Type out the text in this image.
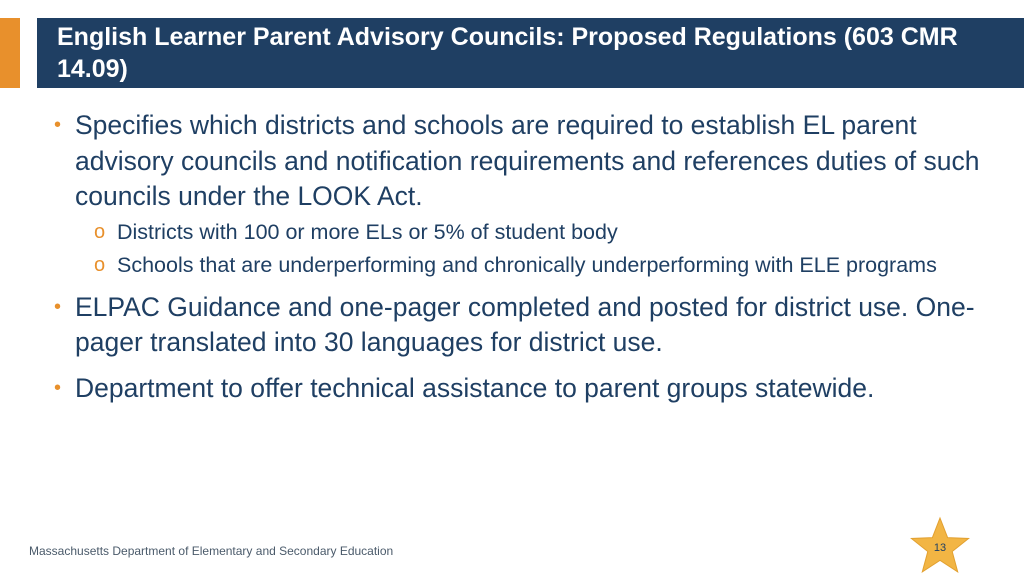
English Learner Parent Advisory Councils: Proposed Regulations (603 CMR 14.09)
• Specifies which districts and schools are required to establish EL parent advisory councils and notification requirements and references duties of such councils under the LOOK Act.
o Districts with 100 or more ELs or 5% of student body
o Schools that are underperforming and chronically underperforming with ELE programs
• ELPAC Guidance and one-pager completed and posted for district use. One-pager translated into 30 languages for district use.
• Department to offer technical assistance to parent groups statewide.
Massachusetts Department of Elementary and Secondary Education	13
